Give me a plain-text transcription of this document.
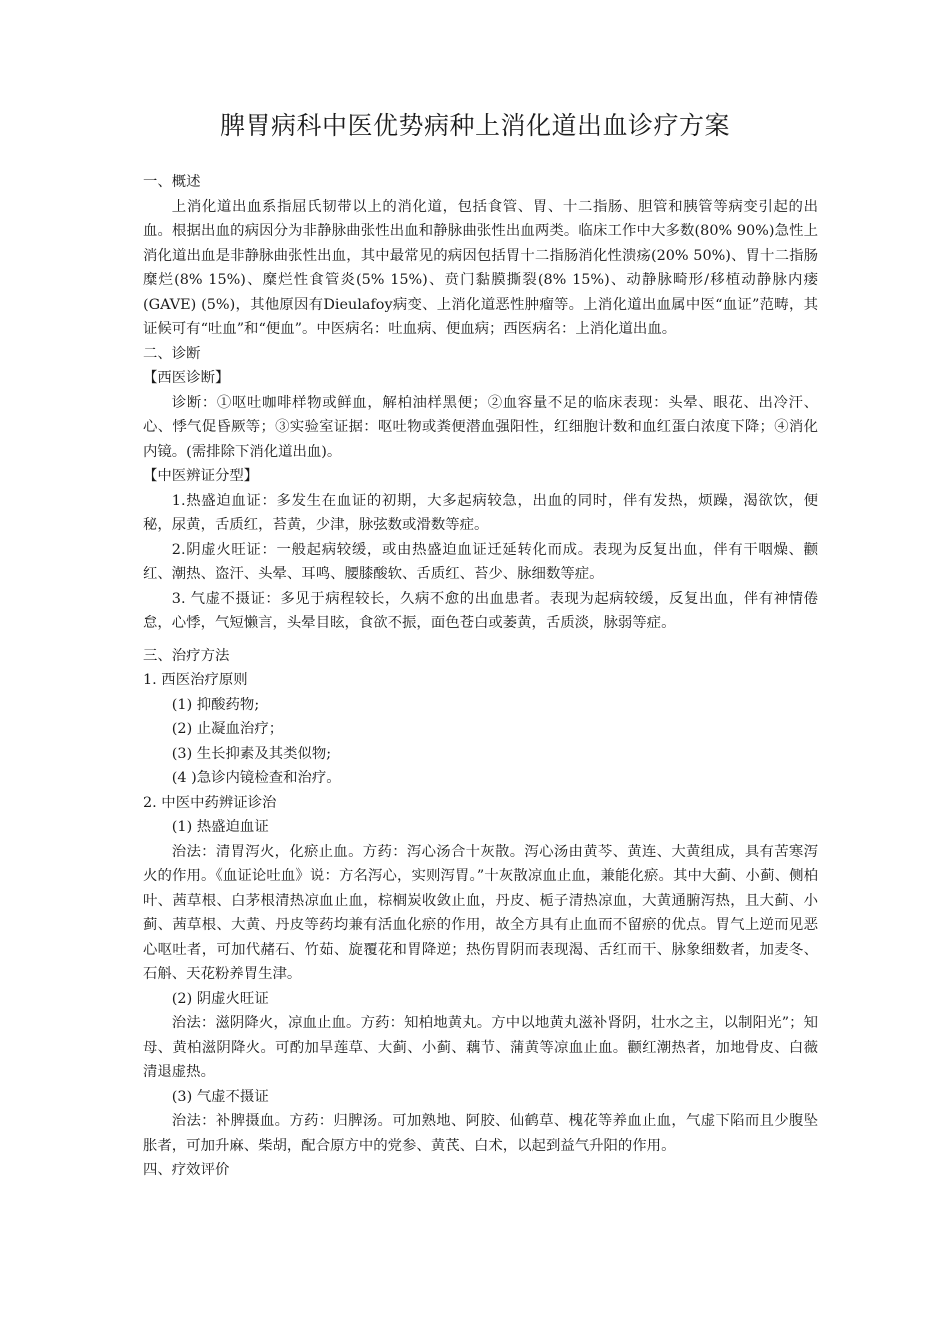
脾胃病科中医优势病种上消化道出血诊疗方案

一、概述

上消化道出血系指屈氏韧带以上的消化道，包括食管、胃、十二指肠、胆管和胰管等病变引起的出血。根据出血的病因分为非静脉曲张性出血和静脉曲张性出血两类。临床工作中大多数(80% 90%)急性上消化道出血是非静脉曲张性出血，其中最常见的病因包括胃十二指肠消化性溃疡(20% 50%)、胃十二指肠糜烂(8% 15%)、糜烂性食管炎(5% 15%)、贲门黏膜撕裂(8% 15%)、动静脉畸形/移植动静脉内瘘(GAVE) (5%)，其他原因有Dieulafoy病变、上消化道恶性肿瘤等。上消化道出血属中医“血证”范畴，其证候可有“吐血”和“便血”。中医病名：吐血病、便血病；西医病名：上消化道出血。

二、诊断

【西医诊断】

诊断：①呕吐咖啡样物或鲜血，解柏油样黑便；②血容量不足的临床表现：头晕、眼花、出冷汗、心、悸气促昏厥等；③实验室证据：呕吐物或粪便潜血强阳性，红细胞计数和血红蛋白浓度下降；④消化内镜。(需排除下消化道出血)。

【中医辨证分型】

1.热盛迫血证：多发生在血证的初期，大多起病较急，出血的同时，伴有发热，烦躁，渴欲饮，便秘，尿黄，舌质红，苔黄，少津，脉弦数或滑数等症。

2.阴虚火旺证：一般起病较缓，或由热盛迫血证迁延转化而成。表现为反复出血，伴有干咽燥、颧红、潮热、盗汗、头晕、耳鸣、腰膝酸软、舌质红、苔少、脉细数等症。

3. 气虚不摄证：多见于病程较长，久病不愈的出血患者。表现为起病较缓，反复出血，伴有神情倦怠，心悸，气短懒言，头晕目眩，食欲不振，面色苍白或萎黄，舌质淡，脉弱等症。

三、治疗方法

1. 西医治疗原则

(1) 抑酸药物;

(2) 止凝血治疗；

(3) 生长抑素及其类似物;

(4 )急诊内镜检查和治疗。

2. 中医中药辨证诊治

(1) 热盛迫血证

治法：清胃泻火，化瘀止血。方药：泻心汤合十灰散。泻心汤由黄芩、黄连、大黄组成，具有苦寒泻火的作用。《血证论吐血》说：方名泻心，实则泻胃。”十灰散凉血止血，兼能化瘀。其中大蓟、小蓟、侧柏叶、茜草根、白茅根清热凉血止血，棕榈炭收敛止血，丹皮、栀子清热凉血，大黄通腑泻热，且大蓟、小蓟、茜草根、大黄、丹皮等药均兼有活血化瘀的作用，故全方具有止血而不留瘀的优点。胃气上逆而见恶心呕吐者，可加代赭石、竹茹、旋覆花和胃降逆；热伤胃阴而表现渴、舌红而干、脉象细数者，加麦冬、石斛、天花粉养胃生津。

(2) 阴虚火旺证

治法：滋阴降火，凉血止血。方药：知柏地黄丸。方中以地黄丸滋补肾阴，壮水之主，以制阳光”；知母、黄柏滋阴降火。可酌加旱莲草、大蓟、小蓟、藕节、蒲黄等凉血止血。颧红潮热者，加地骨皮、白薇清退虚热。

(3) 气虚不摄证

治法：补脾摄血。方药：归脾汤。可加熟地、阿胶、仙鹤草、槐花等养血止血，气虚下陷而且少腹坠胀者，可加升麻、柴胡，配合原方中的党参、黄芪、白术，以起到益气升阳的作用。

四、疗效评价
